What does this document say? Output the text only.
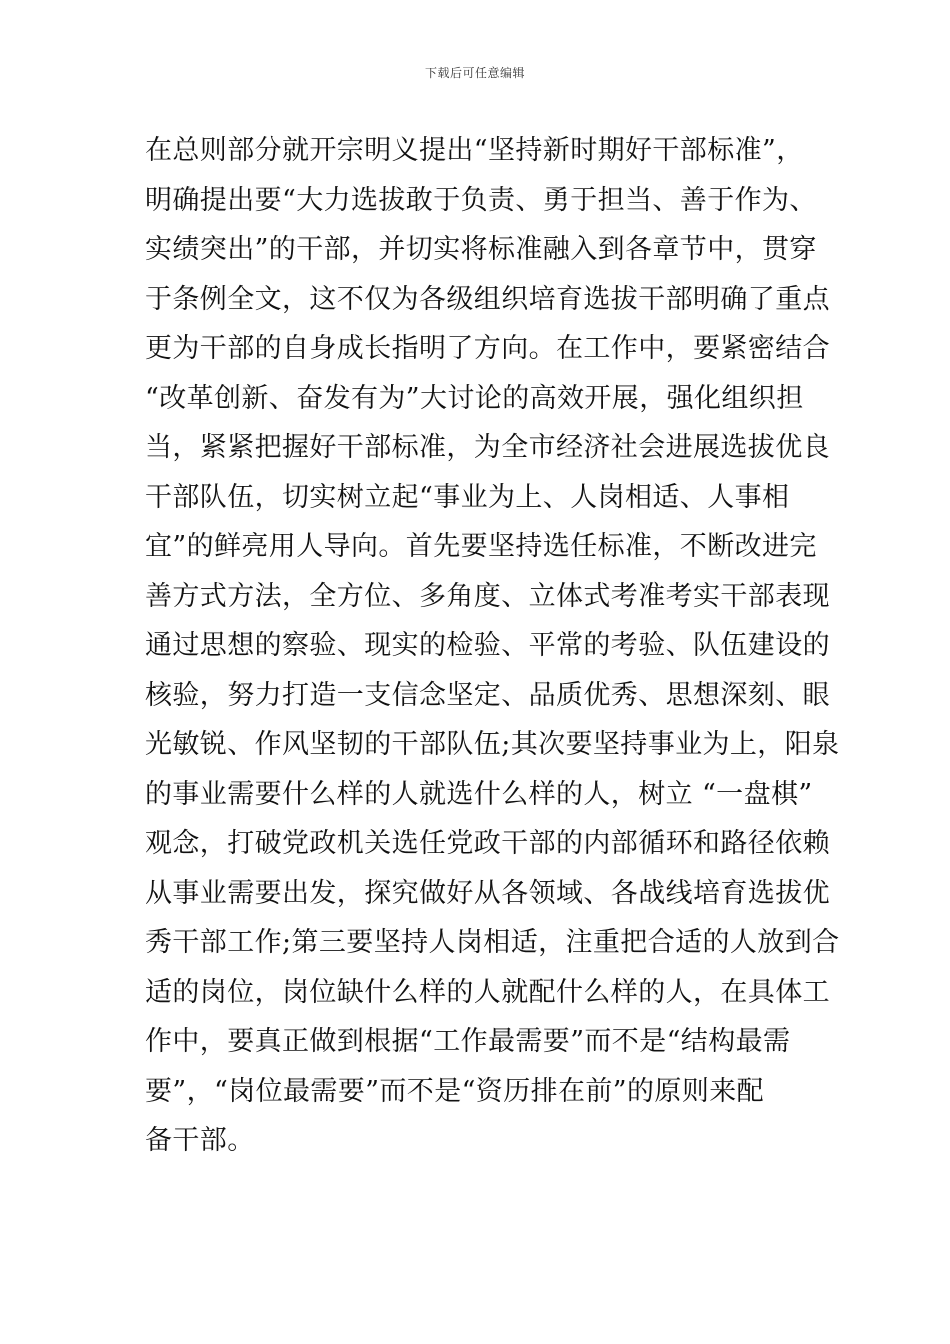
下载后可任意编辑
在总则部分就开宗明义提出“坚持新时期好干部标准”，
明确提出要“大力选拔敢于负责、勇于担当、善于作为、
实绩突出”的干部，并切实将标准融入到各章节中，贯穿
于条例全文，这不仅为各级组织培育选拔干部明确了重点
更为干部的自身成长指明了方向。在工作中，要紧密结合
“改革创新、奋发有为”大讨论的高效开展，强化组织担
当，紧紧把握好干部标准，为全市经济社会进展选拔优良
干部队伍，切实树立起“事业为上、人岗相适、人事相
宜”的鲜亮用人导向。首先要坚持选任标准，不断改进完
善方式方法，全方位、多角度、立体式考准考实干部表现
通过思想的察验、现实的检验、平常的考验、队伍建设的
核验，努力打造一支信念坚定、品质优秀、思想深刻、眼
光敏锐、作风坚韧的干部队伍;其次要坚持事业为上，阳泉
的事业需要什么样的人就选什么样的人，树立 “一盘棋”
观念，打破党政机关选任党政干部的内部循环和路径依赖
从事业需要出发，探究做好从各领域、各战线培育选拔优
秀干部工作;第三要坚持人岗相适，注重把合适的人放到合
适的岗位，岗位缺什么样的人就配什么样的人，在具体工
作中，要真正做到根据“工作最需要”而不是“结构最需
要”，“岗位最需要”而不是“资历排在前”的原则来配
备干部。
